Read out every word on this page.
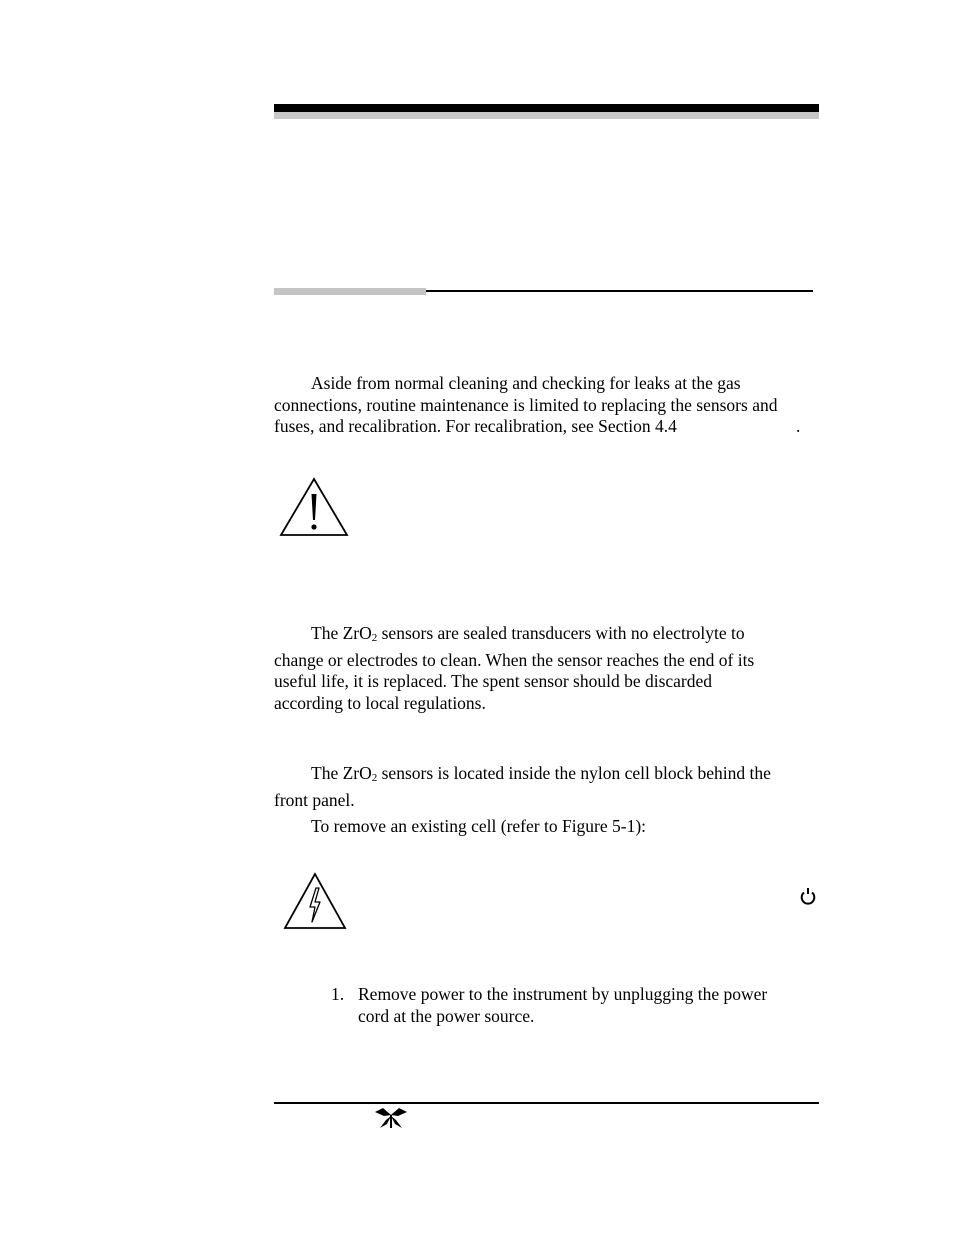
Aside from normal cleaning and checking for leaks at the gas
connections, routine maintenance is limited to replacing the sensors and
fuses, and recalibration. For recalibration, see Section 4.4	.
The ZrO$_2$ sensors are sealed transducers with no electrolyte to
change or electrodes to clean. When the sensor reaches the end of its
useful life, it is replaced. The spent sensor should be discarded
according to local regulations.
The ZrO$_2$ sensors is located inside the nylon cell block behind the
front panel.
To remove an existing cell (refer to Figure 5-1):
1. Remove power to the instrument by unplugging the power
cord at the power source.
